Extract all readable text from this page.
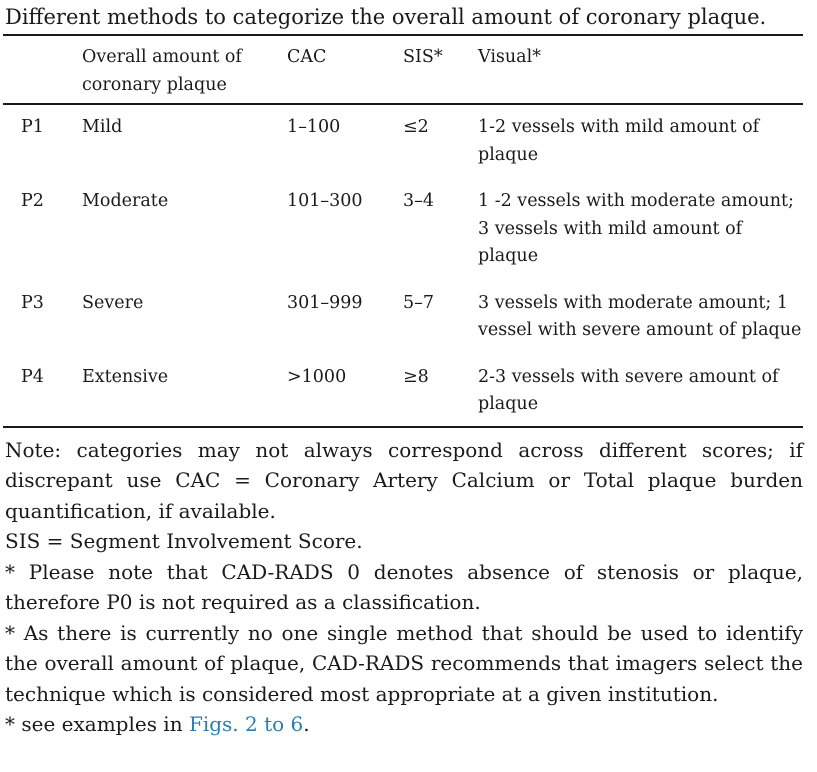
Different methods to categorize the overall amount of coronary plaque.
	Overall amount of coronary plaque	CAC	SIS*	Visual*

P1	Mild	1–100	≤2	1-2 vessels with mild amount of plaque
P2	Moderate	101–300	3–4	1 -2 vessels with moderate amount; 3 vessels with mild amount of plaque
P3	Severe	301–999	5–7	3 vessels with moderate amount; 1 vessel with severe amount of plaque
P4	Extensive	>1000	≥8	2-3 vessels with severe amount of plaque

Note: categories may not always correspond across different scores; if discrepant use CAC = Coronary Artery Calcium or Total plaque burden quantification, if available.

SIS = Segment Involvement Score.

* Please note that CAD-RADS 0 denotes absence of stenosis or plaque, therefore P0 is not required as a classification.

* As there is currently no one single method that should be used to identify the overall amount of plaque, CAD-RADS recommends that imagers select the technique which is considered most appropriate at a given institution.

* see examples in Figs. 2 to 6.
